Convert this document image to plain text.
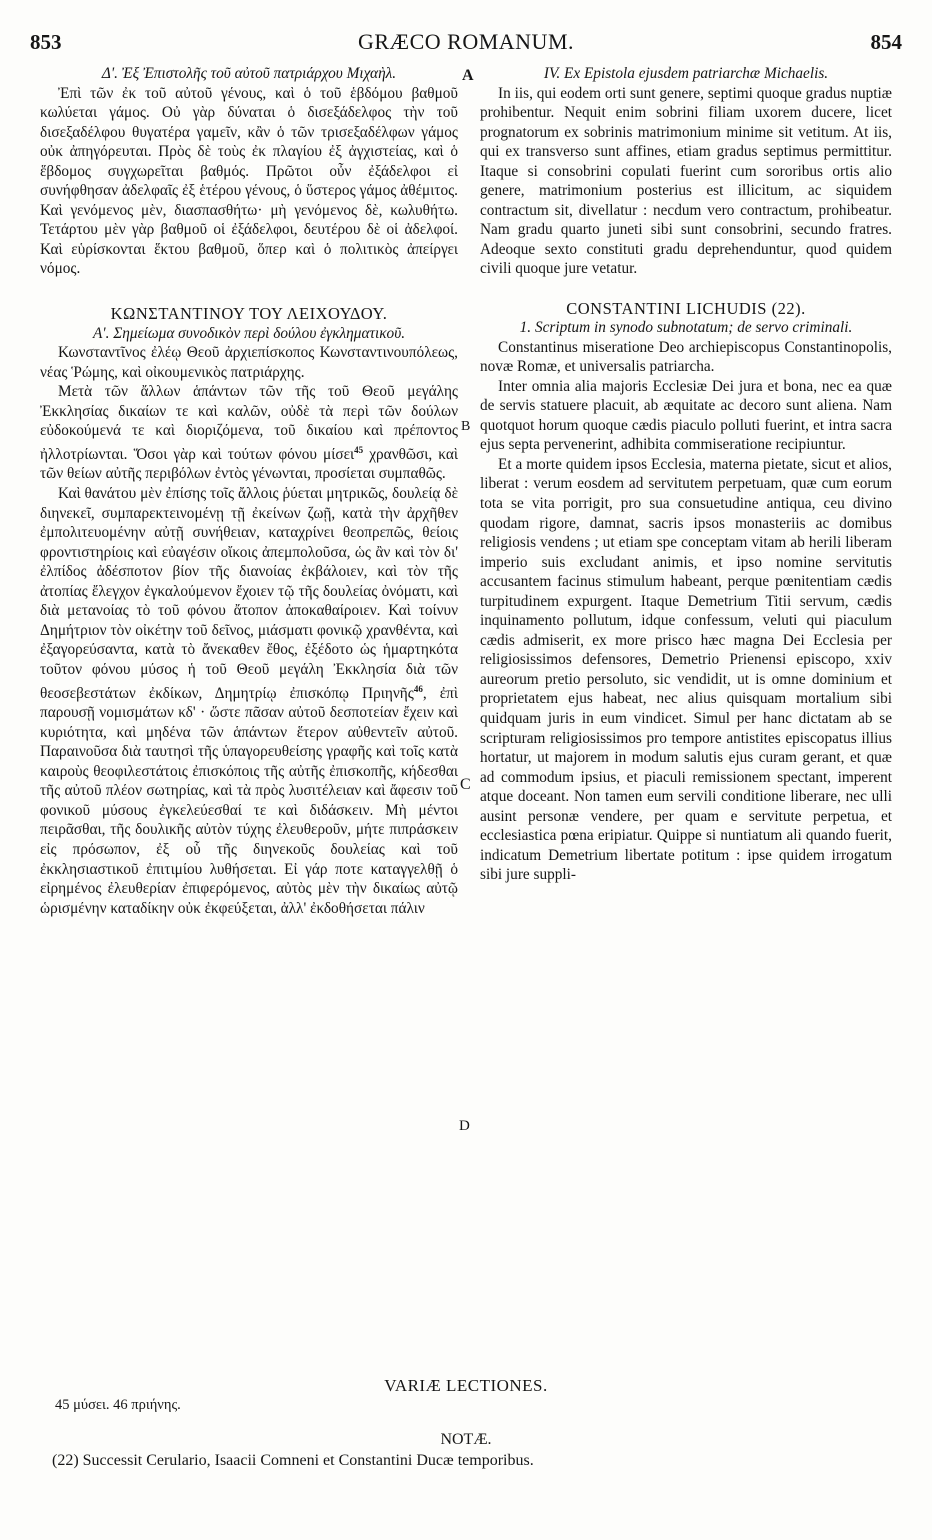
853	GRÆCO ROMANUM.	854
A
B
C
D

Δ'. Ἐξ Ἐπιστολῆς τοῦ αὐτοῦ πατριάρχου Μιχαὴλ.

Ἐπὶ τῶν ἐκ τοῦ αὐτοῦ γένους, καὶ ὁ τοῦ ἑβδόμου βαθμοῦ κωλύεται γάμος. Οὐ γὰρ δύναται ὁ δισεξάδελφος τὴν τοῦ δισεξαδέλφου θυγατέρα γαμεῖν, κἂν ὁ τῶν τρισεξαδέλφων γάμος οὐκ ἀπηγόρευται. Πρὸς δὲ τοὺς ἐκ πλαγίου ἐξ ἀγχιστείας, καὶ ὁ ἕβδομος συγχωρεῖται βαθμός. Πρῶτοι οὖν ἐξάδελφοι εἰ συνήφθησαν ἀδελφαῖς ἐξ ἑτέρου γένους, ὁ ὕστερος γάμος ἀθέμιτος. Καὶ γενόμενος μὲν, διασπασθήτω· μὴ γενόμενος δὲ, κωλυθήτω. Τετάρτου μὲν γὰρ βαθμοῦ οἱ ἐξάδελφοι, δευτέρου δὲ οἱ ἀδελφοί. Καὶ εὑρίσκονται ἕκτου βαθμοῦ, ὅπερ καὶ ὁ πολιτικὸς ἀπείργει νόμος.

ΚΩΝΣΤΑΝΤΙΝΟΥ ΤΟΥ ΛΕΙΧΟΥΔΟΥ.

Α'. Σημείωμα συνοδικὸν περὶ δούλου ἐγκληματικοῦ.

Κωνσταντῖνος ἐλέῳ Θεοῦ ἀρχιεπίσκοπος Κωνσταντινουπόλεως, νέας Ῥώμης, καὶ οἰκουμενικὸς πατριάρχης.

Μετὰ τῶν ἄλλων ἁπάντων τῶν τῆς τοῦ Θεοῦ μεγάλης Ἐκκλησίας δικαίων τε καὶ καλῶν, οὐδὲ τὰ περὶ τῶν δούλων εὐδοκούμενά τε καὶ διοριζόμενα, τοῦ δικαίου καὶ πρέποντος ἠλλοτρίωνται. Ὅσοι γὰρ καὶ τούτων φόνου μίσει$^{45}$ χρανθῶσι, καὶ τῶν θείων αὐτῆς περιβόλων ἐντὸς γένωνται, προσίεται συμπαθῶς.

Καὶ θανάτου μὲν ἐπίσης τοῖς ἄλλοις ῥύεται μητρικῶς, δουλείᾳ δὲ διηνεκεῖ, συμπαρεκτεινομένῃ τῇ ἐκείνων ζωῇ, κατὰ τὴν ἀρχῆθεν ἐμπολιτευομένην αὐτῇ συνήθειαν, καταχρίνει θεοπρεπῶς, θείοις φροντιστηρίοις καὶ εὐαγέσιν οἴκοις ἀπεμπολοῦσα, ὡς ἂν καὶ τὸν δι' ἐλπίδος ἀδέσποτον βίον τῆς διανοίας ἐκβάλοιεν, καὶ τὸν τῆς ἀτοπίας ἔλεγχον ἐγκαλούμενον ἔχοιεν τῷ τῆς δουλείας ὀνόματι, καὶ διὰ μετανοίας τὸ τοῦ φόνου ἄτοπον ἀποκαθαίροιεν. Καὶ τοίνυν Δημήτριον τὸν οἰκέτην τοῦ δεῖνος, μιάσματι φονικῷ χρανθέντα, καὶ ἐξαγορεύσαντα, κατὰ τὸ ἄνεκαθεν ἔθος, ἐξέδοτο ὡς ἡμαρτηκότα τοῦτον φόνου μύσος ἡ τοῦ Θεοῦ μεγάλη Ἐκκλησία διὰ τῶν θεοσεβεστάτων ἐκδίκων, Δημητρίῳ ἐπισκόπῳ Πριηνῆς$^{46}$, ἐπὶ παρουσῇ νομισμάτων κδ' · ὥστε πᾶσαν αὐτοῦ δεσποτείαν ἔχειν καὶ κυριότητα, καὶ μηδένα τῶν ἁπάντων ἕτερον αὐθεντεῖν αὐτοῦ. Παραινοῦσα διὰ ταυτησὶ τῆς ὑπαγορευθείσης γραφῆς καὶ τοῖς κατὰ καιροὺς θεοφιλεστάτοις ἐπισκόποις τῆς αὐτῆς ἐπισκοπῆς, κήδεσθαι τῆς αὐτοῦ πλέον σωτηρίας, καὶ τὰ πρὸς λυσιτέλειαν καὶ ἄφεσιν τοῦ φονικοῦ μύσους ἐγκελεύεσθαί τε καὶ διδάσκειν. Μὴ μέντοι πειρᾶσθαι, τῆς δουλικῆς αὐτὸν τύχης ἐλευθεροῦν, μήτε πιπράσκειν εἰς πρόσωπον, ἐξ οὗ τῆς διηνεκοῦς δουλείας καὶ τοῦ ἐκκλησιαστικοῦ ἐπιτιμίου λυθήσεται. Εἰ γάρ ποτε καταγγελθῇ ὁ εἰρημένος ἐλευθερίαν ἐπιφερόμενος, αὐτὸς μὲν τὴν δικαίως αὐτῷ ὡρισμένην καταδίκην οὐκ ἐκφεύξεται, ἀλλ' ἐκδοθήσεται πάλιν

IV. Ex Epistola ejusdem patriarchæ Michaelis.

In iis, qui eodem orti sunt genere, septimi quoque gradus nuptiæ prohibentur. Nequit enim sobrini filiam uxorem ducere, licet prognatorum ex sobrinis matrimonium minime sit vetitum. At iis, qui ex transverso sunt affines, etiam gradus septimus permittitur. Itaque si consobrini copulati fuerint cum sororibus ortis alio genere, matrimonium posterius est illicitum, ac siquidem contractum sit, divellatur : necdum vero contractum, prohibeatur. Nam gradu quarto juneti sibi sunt consobrini, secundo fratres. Adeoque sexto constituti gradu deprehenduntur, quod quidem civili quoque jure vetatur.

CONSTANTINI LICHUDIS (22).

1. Scriptum in synodo subnotatum; de servo criminali.

Constantinus miseratione Deo archiepiscopus Constantinopolis, novæ Romæ, et universalis patriarcha.

Inter omnia alia majoris Ecclesiæ Dei jura et bona, nec ea quæ de servis statuere placuit, ab æquitate ac decoro sunt aliena. Nam quotquot horum quoque cædis piaculo polluti fuerint, et intra sacra ejus septa pervenerint, adhibita commiseratione recipiuntur.

Et a morte quidem ipsos Ecclesia, materna pietate, sicut et alios, liberat : verum eosdem ad servitutem perpetuam, quæ cum eorum tota se vita porrigit, pro sua consuetudine antiqua, ceu divino quodam rigore, damnat, sacris ipsos monasteriis ac domibus religiosis vendens ; ut etiam spe conceptam vitam ab herili liberam imperio suis excludant animis, et ipso nomine servitutis accusantem facinus stimulum habeant, perque pœnitentiam cædis turpitudinem expurgent. Itaque Demetrium Titii servum, cædis inquinamento pollutum, idque confessum, veluti qui piaculum cædis admiserit, ex more prisco hæc magna Dei Ecclesia per religiosissimos defensores, Demetrio Prienensi episcopo, xxiv aureorum pretio persoluto, sic vendidit, ut is omne dominium et proprietatem ejus habeat, nec alius quisquam mortalium sibi quidquam juris in eum vindicet. Simul per hanc dictatam ab se scripturam religiosissimos pro tempore antistites episcopatus illius hortatur, ut majorem in modum salutis ejus curam gerant, et quæ ad commodum ipsius, et piaculi remissionem spectant, imperent atque doceant. Non tamen eum servili conditione liberare, nec ulli ausint personæ vendere, per quam e servitute perpetua, et ecclesiastica pœna eripiatur. Quippe si nuntiatum ali quando fuerit, indicatum Demetrium libertate potitum : ipse quidem irrogatum sibi jure suppli-

VARIÆ LECTIONES.
45 μύσει. 46 πριήνης.
NOTÆ.
(22) Successit Cerulario, Isaacii Comneni et Constantini Ducæ temporibus.
